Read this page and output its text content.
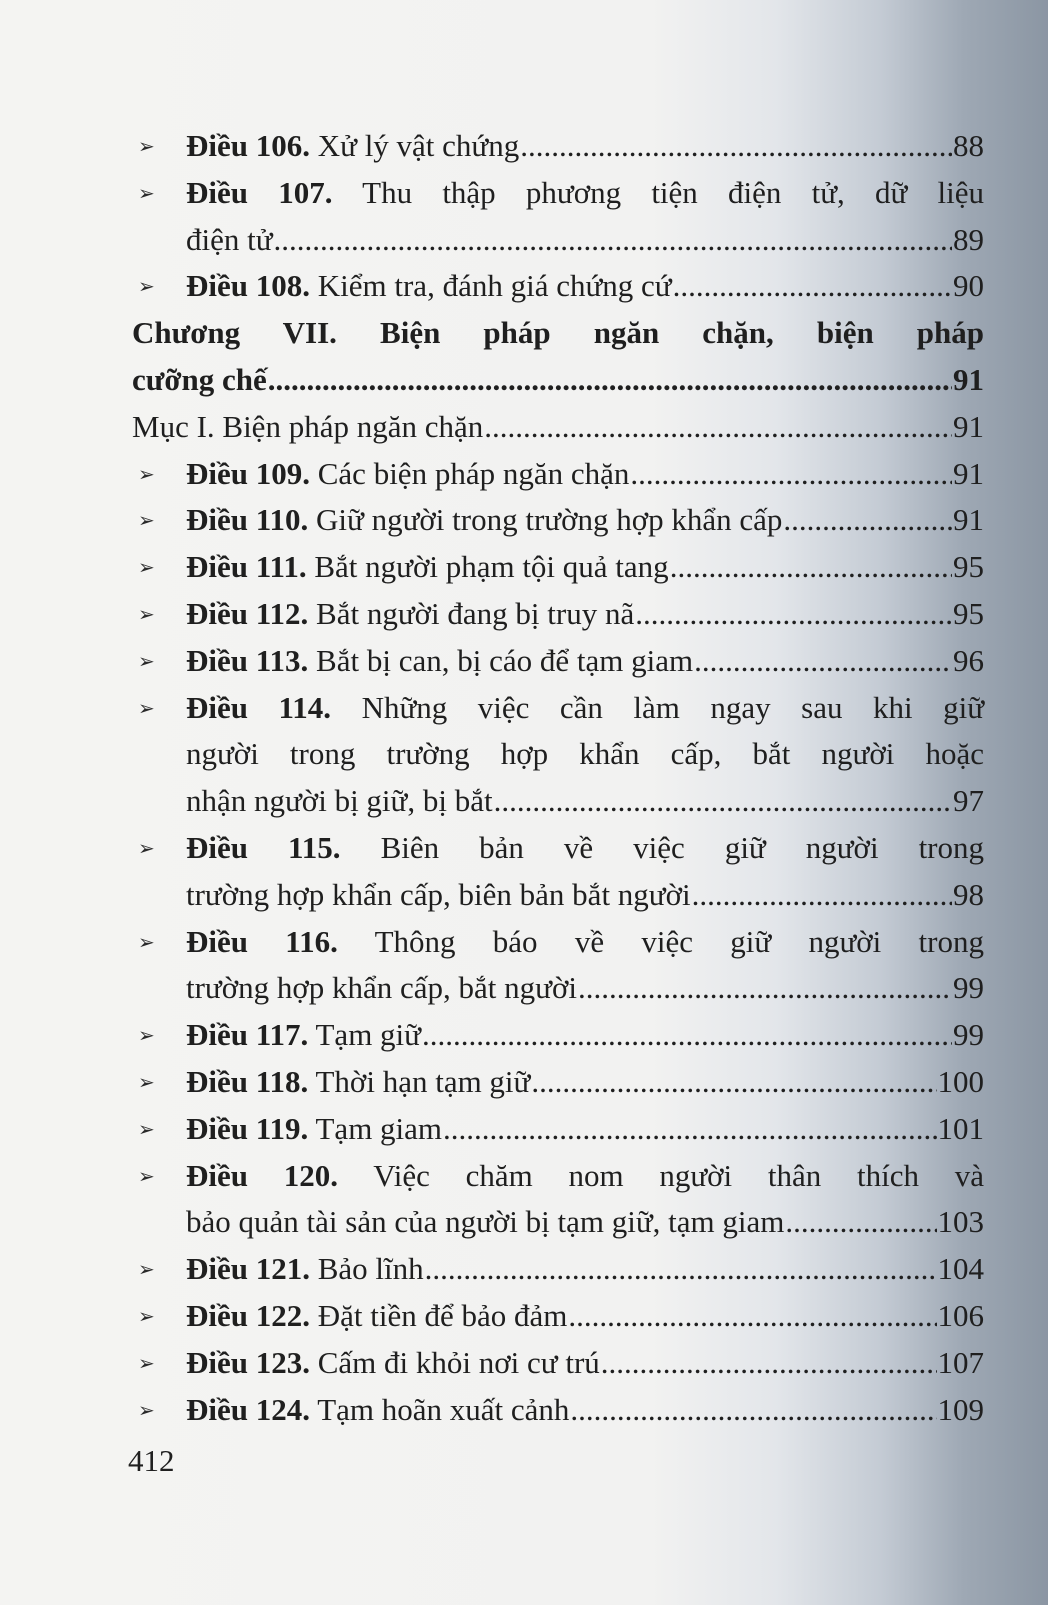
➢ Điều 106. Xử lý vật chứng .....	88
➢ Điều 107. Thu thập phương tiện điện tử, dữ liệu
điện tử .....	89
➢ Điều 108. Kiểm tra, đánh giá chứng cứ .....	90
Chương VII. Biện pháp ngăn chặn, biện pháp
cưỡng chế .....	91
Mục I. Biện pháp ngăn chặn .....	91
➢ Điều 109. Các biện pháp ngăn chặn .....	91
➢ Điều 110. Giữ người trong trường hợp khẩn cấp .....	91
➢ Điều 111. Bắt người phạm tội quả tang .....	95
➢ Điều 112. Bắt người đang bị truy nã .....	95
➢ Điều 113. Bắt bị can, bị cáo để tạm giam .....	96
➢ Điều 114. Những việc cần làm ngay sau khi giữ
người trong trường hợp khẩn cấp, bắt người hoặc
nhận người bị giữ, bị bắt .....	97
➢ Điều 115. Biên bản về việc giữ người trong
trường hợp khẩn cấp, biên bản bắt người .....	98
➢ Điều 116. Thông báo về việc giữ người trong
trường hợp khẩn cấp, bắt người .....	99
➢ Điều 117. Tạm giữ .....	99
➢ Điều 118. Thời hạn tạm giữ .....	100
➢ Điều 119. Tạm giam .....	101
➢ Điều 120. Việc chăm nom người thân thích và
bảo quản tài sản của người bị tạm giữ, tạm giam .....	103
➢ Điều 121. Bảo lĩnh .....	104
➢ Điều 122. Đặt tiền để bảo đảm .....	106
➢ Điều 123. Cấm đi khỏi nơi cư trú .....	107
➢ Điều 124. Tạm hoãn xuất cảnh .....	109
412
